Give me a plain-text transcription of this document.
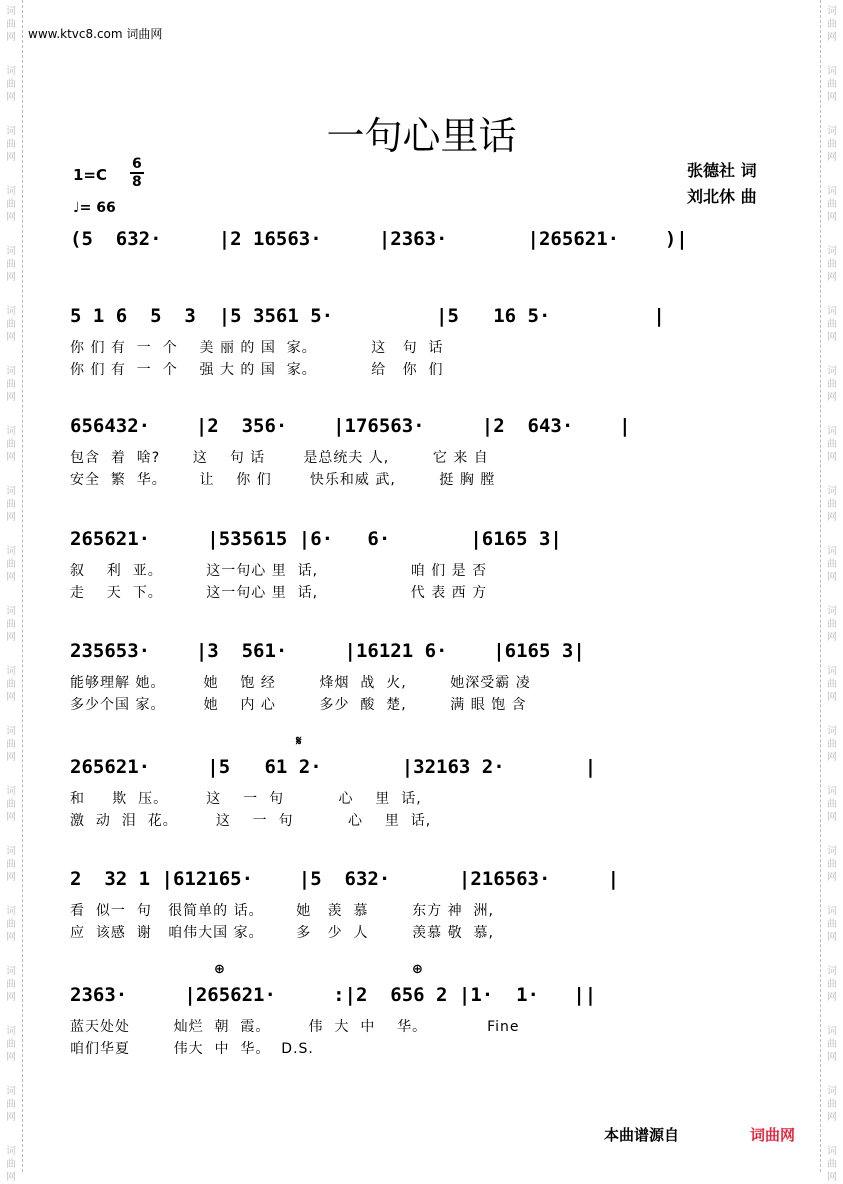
词
曲
网
词
曲
网
词
曲
网
词
曲
网
词
曲
网
词
曲
网
词
曲
网
词
曲
网
词
曲
网
词
曲
网
词
曲
网
词
曲
网
词
曲
网
词
曲
网
词
曲
网
词
曲
网
词
曲
网
词
曲
网
词
曲
网
词
曲
网
词
曲
网
词
曲
网
词
曲
网
词
曲
网
词
曲
网
词
曲
网
词
曲
网
词
曲
网
词
曲
网
词
曲
网
词
曲
网
词
曲
网
词
曲
网
词
曲
网
词
曲
网
词
曲
网
词
曲
网
词
曲
网
词
曲
网
词
曲
网
www.ktvc8.com 词曲网
一句心里话
$1=C \frac{6}{8}$
♩= 66
张德社 词
刘北休 曲
(5  632·     |2 16563·     |2363·       |265621·    )|
5 1 6  5  3  |5 3561 5·         |5   16 5·         |
你 们 有  一  个    美 丽 的 国  家。          这   句  话
你 们 有  一  个    强 大 的 国  家。          给   你  们
656432·    |2  356·    |176563·     |2  643·    |
包含  着  啥?      这    句 话       是总统夫 人,        它 来 自
安全  繁  华。      让    你 们       快乐和威 武,        挺 胸 膛
265621·     |535615 |6·   6·       |6165 3|
叙    利  亚。        这一句心 里  话,                 咱 们 是 否
走    天  下。        这一句心 里  话,                 代 表 西 方
235653·    |3  561·     |16121 6·    |6165 3|
能够理解 她。       她    饱 经        烽烟  战  火,        她深受霸 凌
多少个国 家。       她    内 心        多少  酸  楚,        满 眼 饱 含
𝄋
265621·     |5   61 2·       |32163 2·       |
和     欺  压。       这    一  句          心    里  话,
激  动  泪  花。       这    一  句          心    里  话,
2  32 1 |612165·    |5  632·      |216563·     |
看  似一  句   很简单的 话。      她   羡  慕        东方 神  洲,
应  该感  谢   咱伟大国 家。      多   少  人        羡慕 敬  慕,
⊕	⊕
2363·     |265621·     :|2  656 2 |1·  1·   ||
蓝天处处        灿烂  朝  霞。       伟  大  中    华。           Fine
咱们华夏        伟大  中  华。  D.S.
本曲谱源自	词曲网
